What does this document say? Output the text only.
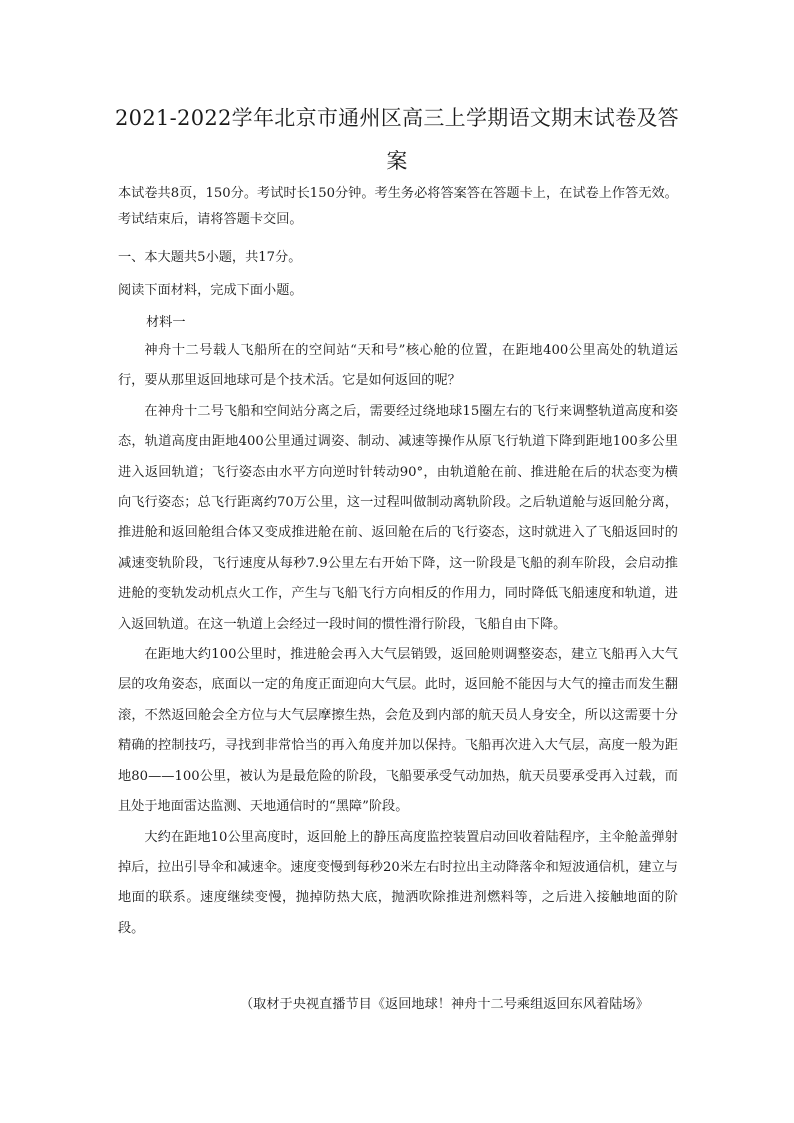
2021-2022学年北京市通州区高三上学期语文期末试卷及答案
本试卷共8页，150分。考试时长150分钟。考生务必将答案答在答题卡上，在试卷上作答无效。考试结束后，请将答题卡交回。
一、本大题共5小题，共17分。
阅读下面材料，完成下面小题。
材料一

神舟十二号载人飞船所在的空间站“天和号”核心舱的位置，在距地400公里高处的轨道运行，要从那里返回地球可是个技术活。它是如何返回的呢？

在神舟十二号飞船和空间站分离之后，需要经过绕地球15圈左右的飞行来调整轨道高度和姿态，轨道高度由距地400公里通过调姿、制动、减速等操作从原飞行轨道下降到距地100多公里进入返回轨道；飞行姿态由水平方向逆时针转动90°，由轨道舱在前、推进舱在后的状态变为横向飞行姿态；总飞行距离约70万公里，这一过程叫做制动离轨阶段。之后轨道舱与返回舱分离，推进舱和返回舱组合体又变成推进舱在前、返回舱在后的飞行姿态，这时就进入了飞船返回时的减速变轨阶段，飞行速度从每秒7.9公里左右开始下降，这一阶段是飞船的刹车阶段，会启动推进舱的变轨发动机点火工作，产生与飞船飞行方向相反的作用力，同时降低飞船速度和轨道，进入返回轨道。在这一轨道上会经过一段时间的惯性滑行阶段，飞船自由下降。

在距地大约100公里时，推进舱会再入大气层销毁，返回舱则调整姿态，建立飞船再入大气层的攻角姿态，底面以一定的角度正面迎向大气层。此时，返回舱不能因与大气的撞击而发生翻滚，不然返回舱会全方位与大气层摩擦生热，会危及到内部的航天员人身安全，所以这需要十分精确的控制技巧，寻找到非常恰当的再入角度并加以保持。飞船再次进入大气层，高度一般为距地80——100公里，被认为是最危险的阶段，飞船要承受气动加热，航天员要承受再入过载，而且处于地面雷达监测、天地通信时的“黑障”阶段。

大约在距地10公里高度时，返回舱上的静压高度监控装置启动回收着陆程序，主伞舱盖弹射掉后，拉出引导伞和减速伞。速度变慢到每秒20米左右时拉出主动降落伞和短波通信机，建立与地面的联系。速度继续变慢，抛掉防热大底，抛洒吹除推进剂燃料等，之后进入接触地面的阶段。

（取材于央视直播节目《返回地球！神舟十二号乘组返回东风着陆场》
